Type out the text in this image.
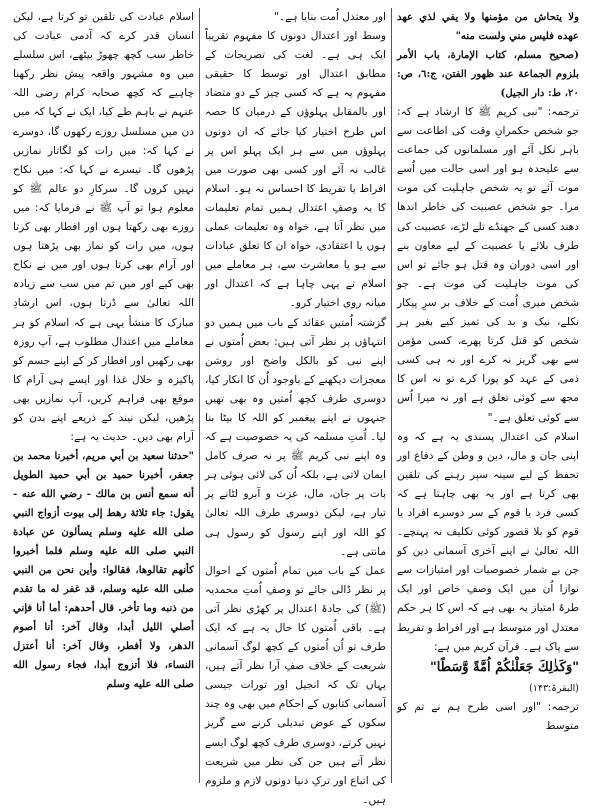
ولا يتحاش من مؤمنها ولا يفي لذي عهد عهده فليس مني ولست منه"

(صحيح مسلم، كتاب الإمارة، باب الأمر بلزوم الجماعة عند ظهور الفتن، ج:٦، ص: ٢٠، ط: دار الجيل)

ترجمہ: "نبی کریم ﷺ کا ارشاد ہے کہ: جو شخص حکمرانِ وقت کی اطاعت سے باہر نکل آئے اور مسلمانوں کی جماعت سے علیحدہ ہو اور اسی حالت میں اُسے موت آئے تو یہ شخص جاہلیت کی موت مرا۔ جو شخص عصبیت کی خاطر اندھا دھند کسی کے جھنڈے تلے لڑے، عصبیت کی طرف بلائے یا عصبیت کے لیے معاون بنے اور اسی دوران وہ قتل ہو جائے تو اس کی موت جاہلیت کی موت ہے۔ جو شخص میری اُمت کے خلاف بر سرِ پیکار نکلے، نیک و بد کی تمیز کیے بغیر ہر شخص کو قتل کرتا پھرے، کسی مؤمن سے بھی گریز نہ کرے اور نہ ہی کسی ذمی کے عہد کو پورا کرے تو نہ اس کا مجھ سے کوئی تعلق ہے اور نہ میرا اُس سے کوئی تعلق ہے۔"

اسلام کی اعتدال پسندی یہ ہے کہ وہ اپنی جان و مال، دین و وطن کے دفاع اور تحفظ کے لیے سینہ سپر رہنے کی تلقین بھی کرتا ہے اور یہ بھی چاہتا ہے کہ کسی فرد یا قوم کے سر دوسرے افراد یا قوم کو بلا قصور کوئی تکلیف نہ پہنچے۔ اللہ تعالیٰ نے اپنے آخری آسمانی دین کو جن بے شمار خصوصیات اور امتیازات سے نوازا اُن میں ایک وصفِ خاص اور ایک طرۂ امتیاز یہ بھی ہے کہ اس کا ہر حکم معتدل اور متوسط ہے اور افراط و تفریط سے پاک ہے۔ قرآن کریم میں ہے:

"وَكَذٰلِكَ جَعَلْنٰكُمْ اُمَّةً وَّسَطًا"

(البقرۃ:۱۴۳)

ترجمہ: "اور اسی طرح ہم نے تم کو متوسط

اور معتدل اُمت بنایا ہے۔"

وسط اور اعتدال دونوں کا مفہوم تقریباً ایک ہی ہے۔ لغت کی تصریحات کے مطابق اعتدال اور توسط کا حقیقی مفہوم یہ ہے کہ کسی چیز کے دو متضاد اور بالمقابل پہلوؤں کے درمیان کا حصہ اس طرح اختیار کیا جائے کہ ان دونوں پہلوؤں میں سے ہر ایک پہلو اس پر غالب نہ آئے اور کسی بھی صورت میں افراط یا تفریط کا احساس نہ ہو۔ اسلام کا یہ وصفِ اعتدال ہمیں تمام تعلیمات میں نظر آتا ہے، خواہ وہ تعلیمات عملی ہوں یا اعتقادی، خواہ ان کا تعلق عبادات سے ہو یا معاشرت سے، ہر معاملے میں اسلام نے یہی چاہا ہے کہ اعتدال اور میانہ روی اختیار کرو۔

گزشتہ اُمتیں عقائد کے باب میں ہمیں دو انتہاؤں پر نظر آتی ہیں: بعض اُمتوں نے اپنے نبی کو بالکل واضح اور روشن معجزات دیکھنے کے باوجود اُن کا انکار کیا، دوسری طرف کچھ اُمتیں وہ بھی تھیں جنہوں نے اپنے پیغمبر کو اللہ کا بیٹا بنا لیا۔ اُمتِ مسلمہ کی یہ خصوصیت ہے کہ وہ اپنے نبی کریم ﷺ پر نہ صرف کامل ایمان لاتی ہے، بلکہ اُن کی لائی ہوئی ہر بات پر جان، مال، عزت و آبرو لٹانے پر تیار ہے، لیکن دوسری طرف اللہ تعالیٰ کو اللہ اور اپنے رسول کو رسول ہی مانتی ہے۔

عمل کے باب میں تمام اُمتوں کے احوال پر نظر ڈالی جائے تو وصفِ اُمتِ محمدیہ (ﷺ) کی جادۂ اعتدال پر کھڑی نظر آتی ہے۔ باقی اُمتوں کا حال یہ ہے کہ ایک طرف تو اُن اُمتوں کے کچھ لوگ آسمانی شریعت کے خلاف صفِ آرا نظر آتے ہیں، یہاں تک کہ انجیل اور تورات جیسی آسمانی کتابوں کے احکام میں بھی وہ چند سکوں کے عوض تبدیلی کرنے سے گریز نہیں کرتے، دوسری طرف کچھ لوگ ایسے نظر آتے ہیں جن کی نظر میں شریعت کی اتباع اور ترکِ دنیا دونوں لازم و ملزوم ہیں۔

اسلام عبادت کی تلقین تو کرتا ہے، لیکن انسان قدر کرے کہ آدمی عبادت کی خاطر سب کچھ چھوڑ بیٹھے، اس سلسلے میں وہ مشہور واقعہ پیش نظر رکھنا چاہیے کہ کچھ صحابہ کرام رضی اللہ عنہم نے باہم طے کیا، ایک نے کہا کہ میں دن میں مسلسل روزے رکھوں گا، دوسرے نے کہا کہ: میں رات کو لگاتار نمازیں پڑھوں گا۔ تیسرے نے کہا کہ: میں نکاح نہیں کروں گا۔ سرکارِ دو عالم ﷺ کو معلوم ہوا تو آپ ﷺ نے فرمایا کہ: میں روزے بھی رکھتا ہوں اور افطار بھی کرتا ہوں، میں رات کو نماز بھی پڑھتا ہوں اور آرام بھی کرتا ہوں اور میں نے نکاح بھی کیے اور میں تم میں سب سے زیادہ اللہ تعالیٰ سے ڈرتا ہوں، اس ارشادِ مبارک کا منشأ یہی ہے کہ اسلام کو ہر معاملے میں اعتدال مطلوب ہے، آپ روزہ بھی رکھیں اور افطار کر کے اپنے جسم کو پاکیزہ و حلال غذا اور ایسے ہی آرام کا موقع بھی فراہم کریں، آپ نمازیں بھی پڑھیں، لیکن نیند کے ذریعے اپنے بدن کو آرام بھی دیں۔ حدیث یہ ہے:

"حدثنا سعيد بن أبي مريم، أخبرنا محمد بن جعفر، أخبرنا حميد بن أبي حميد الطويل أنه سمع أنس بن مالك - رضي الله عنه - يقول: جاء ثلاثة رهط إلى بيوت أزواج النبي صلى الله عليه وسلم يسألون عن عبادة النبي صلى الله عليه وسلم فلما أخبروا كأنهم تقالوها، فقالوا: وأين نحن من النبي صلى الله عليه وسلم، قد غفر له ما تقدم من ذنبه وما تأخر. قال أحدهم: أما أنا فإني أصلي الليل أبدا، وقال آخر: أنا أصوم الدهر، ولا أفطر، وقال آخر: أنا أعتزل النساء، فلا أتزوج أبدا، فجاء رسول الله صلى الله عليه وسلم
